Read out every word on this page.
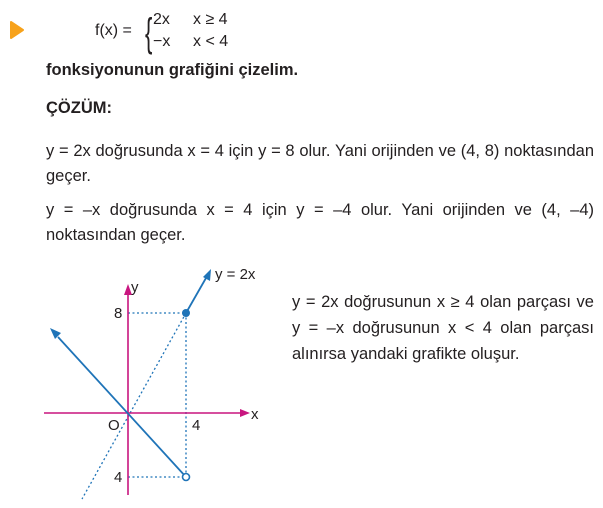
f(x) = { 2x x ≥ 4
−x x < 4
fonksiyonunun grafiğini çizelim.
ÇÖZÜM:
y = 2x doğrusunda x = 4 için y = 8 olur. Yani orijinden ve (4, 8) noktasından geçer.
y = –x doğrusunda x = 4 için y = –4 olur. Yani orijinden ve (4, –4) noktasından geçer.
y = 2x doğrusunun x ≥ 4 olan parçası ve y = –x doğrusunun x < 4 olan parçası alınırsa yandaki grafikte oluşur.
y = 2x
x
y
O	4
8
4
